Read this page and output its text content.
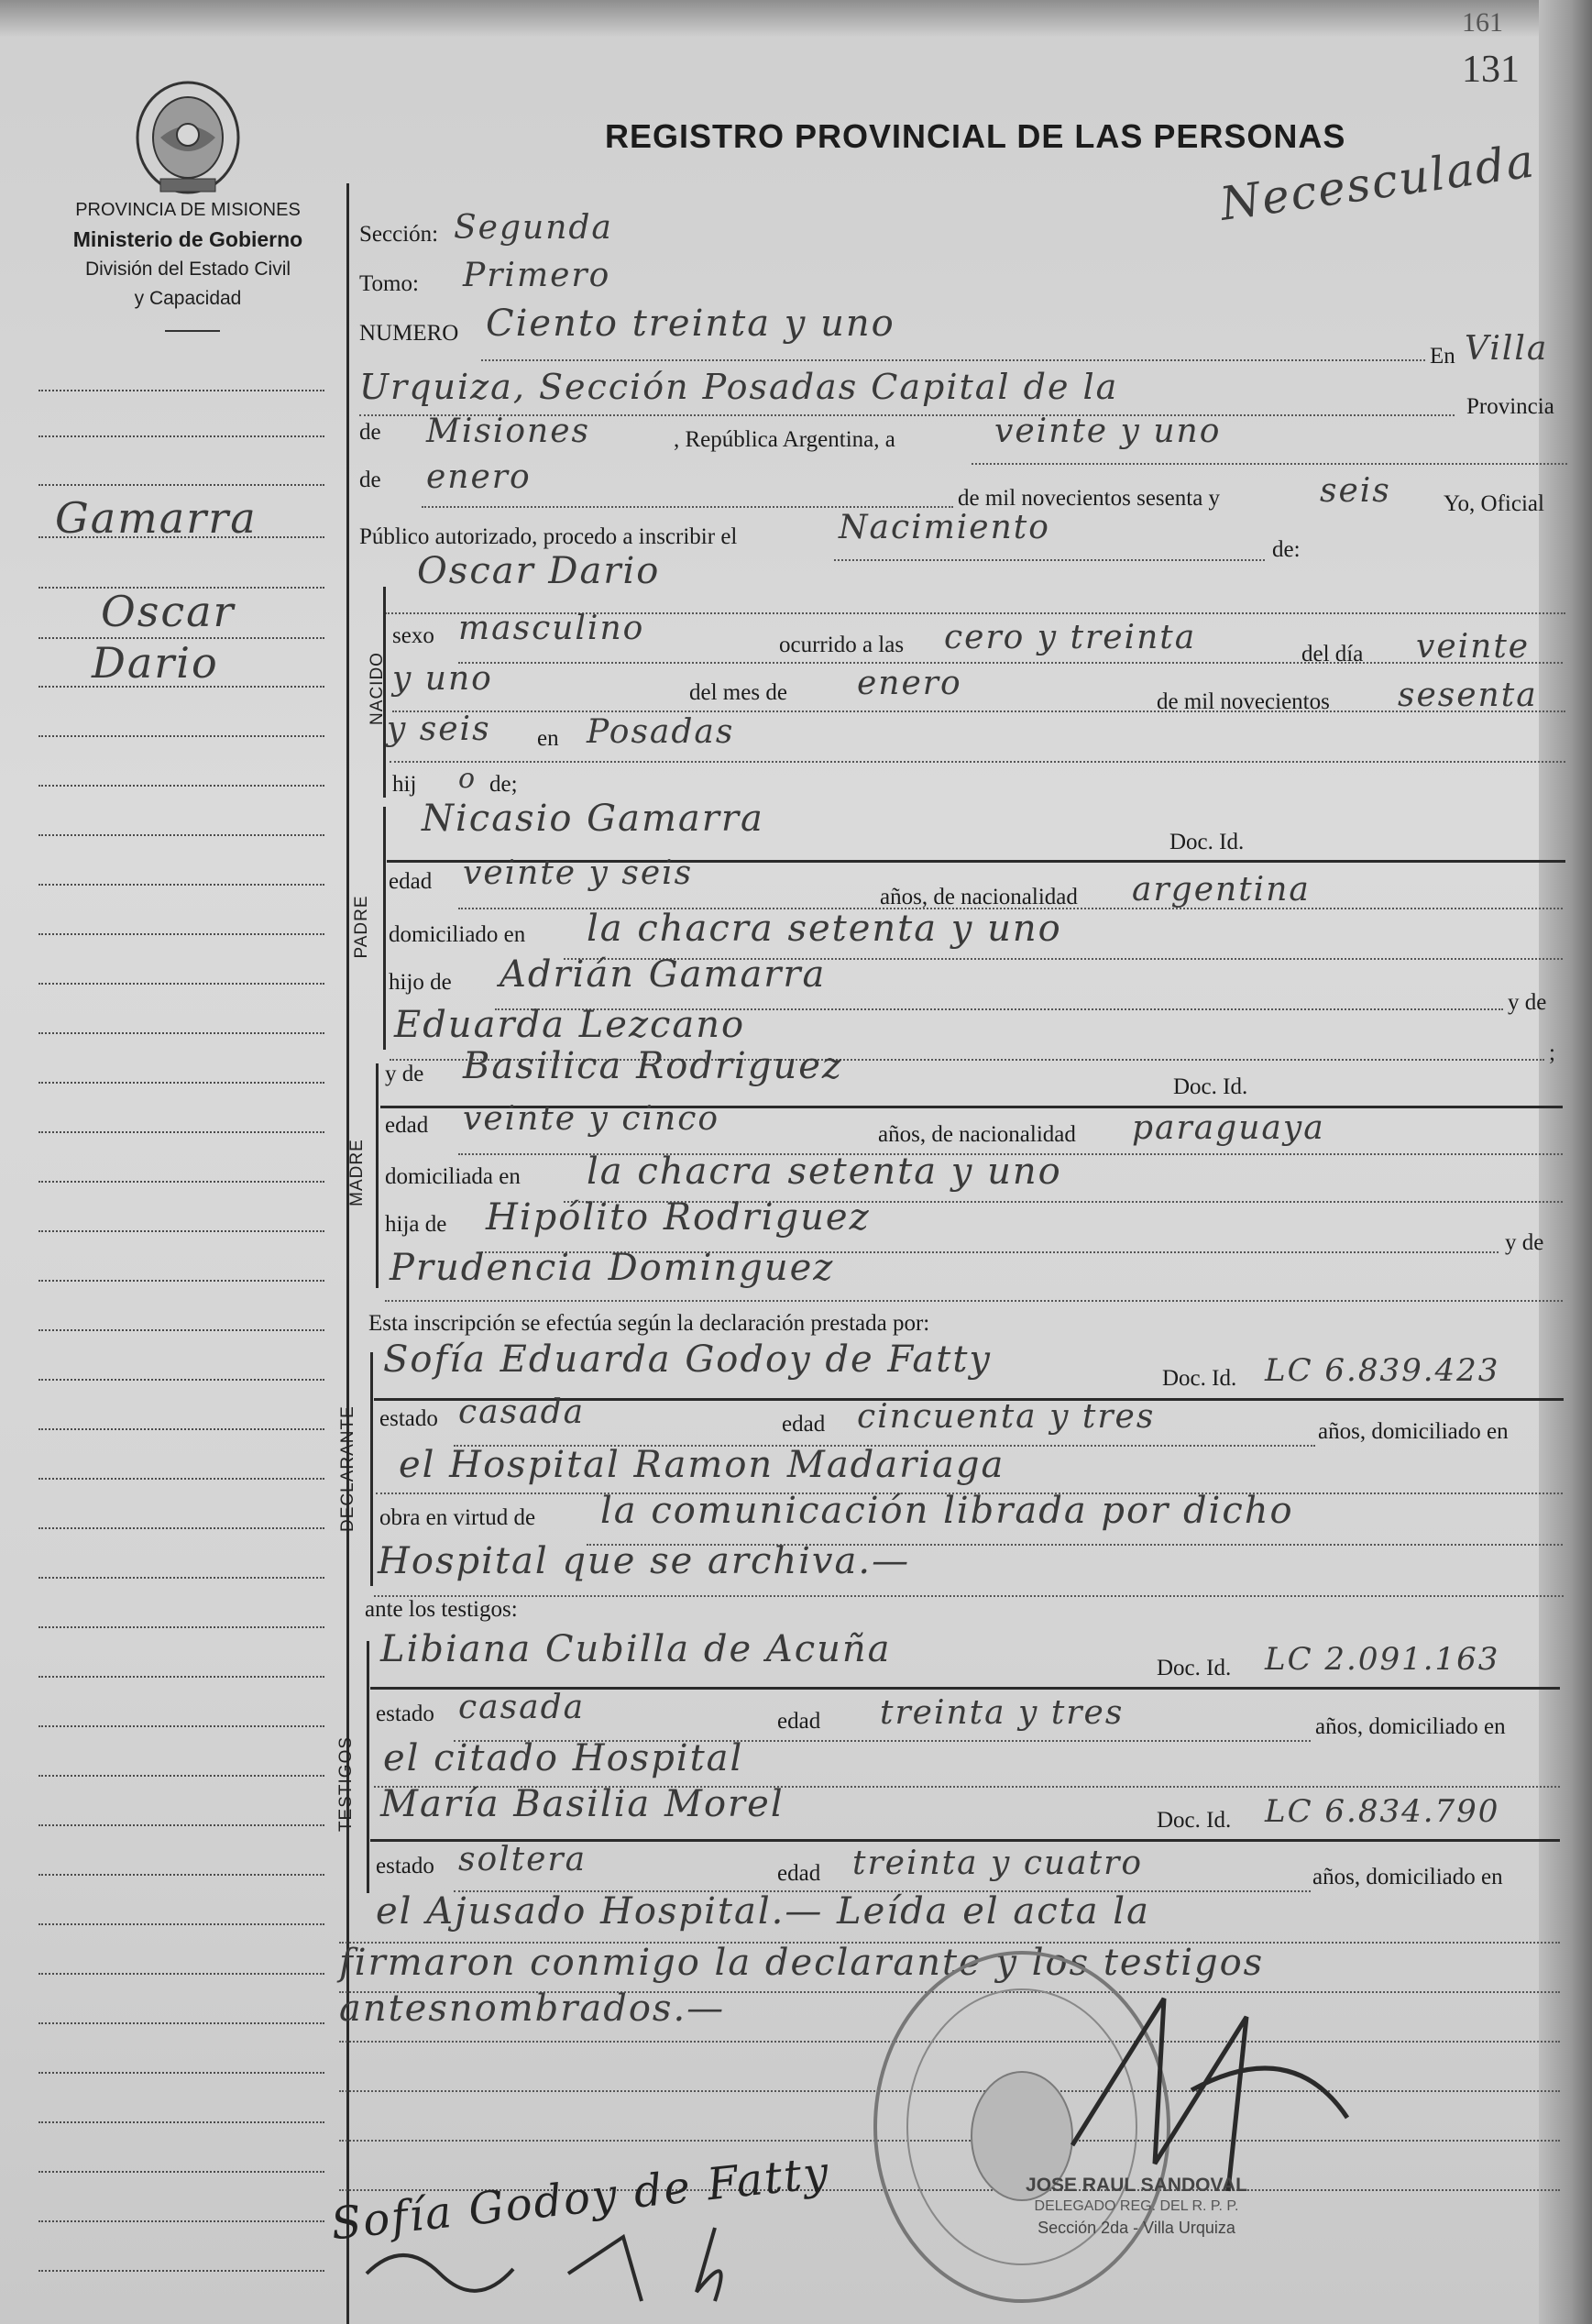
161
131
PROVINCIA DE MISIONES
Ministerio de Gobierno
División del Estado Civil
y Capacidad
REGISTRO PROVINCIAL DE LAS PERSONAS
Necesculada
Gamarra
Oscar
Dario
Sección: Segunda
Tomo: Primero
NUMERO Ciento treinta y uno
En Villa
Urquiza, Sección Posadas Capital de la	Provincia
de Misiones	, República Argentina, a	veinte y uno
de enero
de mil novecientos sesenta y	seis Yo, Oficial
Público autorizado, procedo a inscribir el	Nacimiento
de:
Oscar Dario
NACIDO
sexo masculino	ocurrido a las cero y treinta	del día veinte
y uno	del mes de enero	de mil novecientos sesenta
y seis en Posadas
hij o de;
PADRE
Nicasio Gamarra
Doc. Id.
edad veinte y seis
años, de nacionalidad argentina
domiciliado en la chacra setenta y uno
hijo de Adrián Gamarra
y de
Eduarda Lezcano
;
MADRE
y de Basilica Rodriguez	Doc. Id.
edad veinte y cinco	años, de nacionalidad paraguaya
domiciliada en la chacra setenta y uno
hija de Hipólito Rodriguez
y de
Prudencia Dominguez
Esta inscripción se efectúa según la declaración prestada por:
DECLARANTE
Sofía Eduarda Godoy de Fatty	Doc. Id. LC 6.839.423
estado casada	edad cincuenta y tres	años, domiciliado en
el Hospital Ramon Madariaga
obra en virtud de la comunicación librada por dicho
Hospital que se archiva.—
ante los testigos:
TESTIGOS
Libiana Cubilla de Acuña	Doc. Id. LC 2.091.163
estado casada	edad treinta y tres	años, domiciliado en
el citado Hospital
María Basilia Morel	Doc. Id. LC 6.834.790
estado soltera	edad treinta y cuatro	años, domiciliado en
el Ajusado Hospital.— Leída el acta la
firmaron conmigo la declarante y los testigos
antesnombrados.—
JOSE RAUL SANDOVAL
DELEGADO REG. DEL R. P. P.
Sección 2da - Villa Urquiza
Sofía Godoy de Fatty
